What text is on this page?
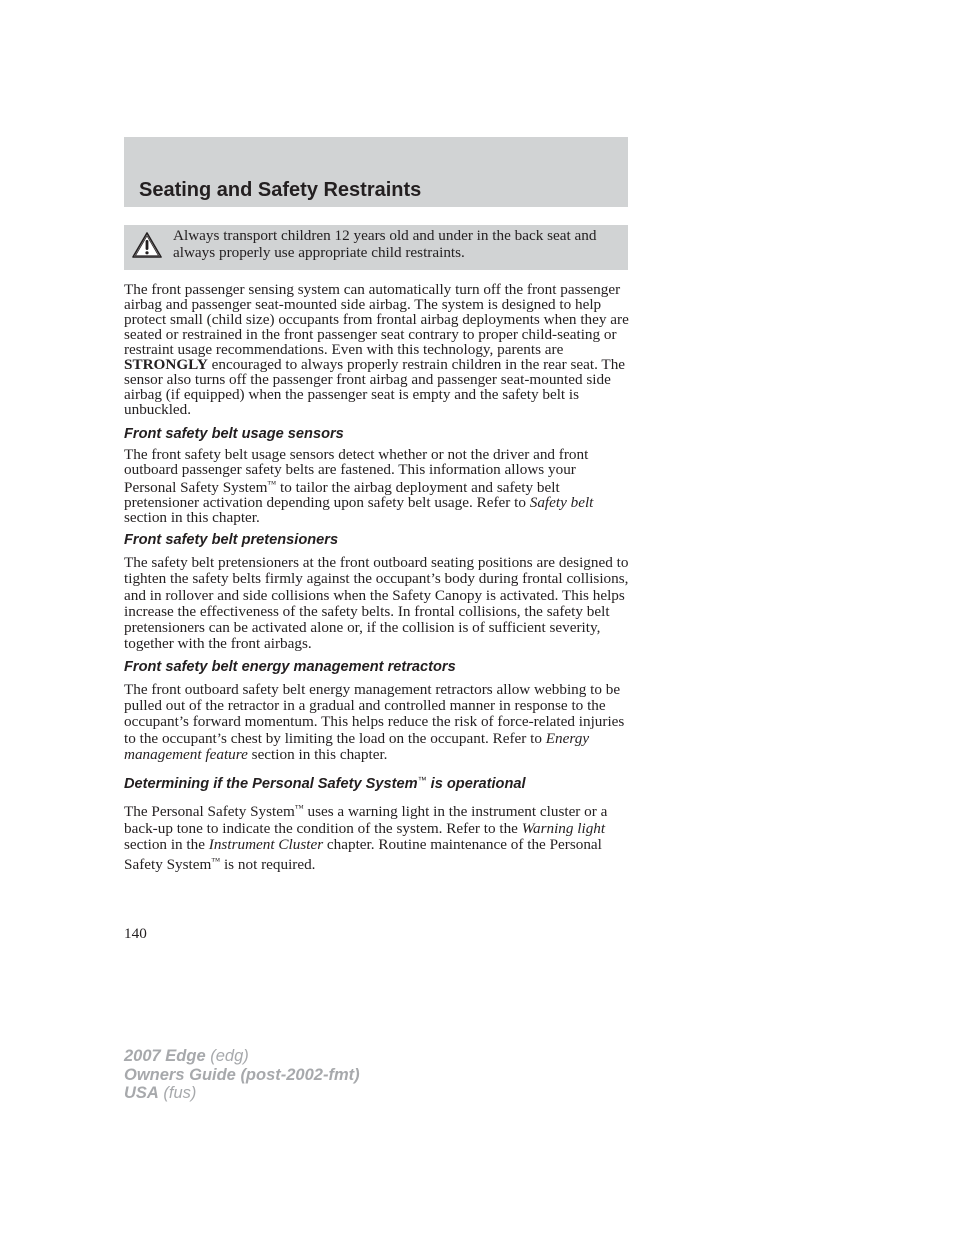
Seating and Safety Restraints

Always transport children 12 years old and under in the back seat and always properly use appropriate child restraints.

The front passenger sensing system can automatically turn off the front passenger airbag and passenger seat-mounted side airbag. The system is designed to help protect small (child size) occupants from frontal airbag deployments when they are seated or restrained in the front passenger seat contrary to proper child-seating or restraint usage recommendations. Even with this technology, parents are STRONGLY encouraged to always properly restrain children in the rear seat. The sensor also turns off the passenger front airbag and passenger seat-mounted side airbag (if equipped) when the passenger seat is empty and the safety belt is unbuckled.

Front safety belt usage sensors

The front safety belt usage sensors detect whether or not the driver and front outboard passenger safety belts are fastened. This information allows your Personal Safety System™ to tailor the airbag deployment and safety belt pretensioner activation depending upon safety belt usage. Refer to Safety belt section in this chapter.

Front safety belt pretensioners

The safety belt pretensioners at the front outboard seating positions are designed to tighten the safety belts firmly against the occupant’s body during frontal collisions, and in rollover and side collisions when the Safety Canopy is activated. This helps increase the effectiveness of the safety belts. In frontal collisions, the safety belt pretensioners can be activated alone or, if the collision is of sufficient severity, together with the front airbags.

Front safety belt energy management retractors

The front outboard safety belt energy management retractors allow webbing to be pulled out of the retractor in a gradual and controlled manner in response to the occupant’s forward momentum. This helps reduce the risk of force-related injuries to the occupant’s chest by limiting the load on the occupant. Refer to Energy management feature section in this chapter.

Determining if the Personal Safety System™ is operational

The Personal Safety System™ uses a warning light in the instrument cluster or a back-up tone to indicate the condition of the system. Refer to the Warning light section in the Instrument Cluster chapter. Routine maintenance of the Personal Safety System™ is not required.

140

2007 Edge (edg)
Owners Guide (post-2002-fmt)
USA (fus)
